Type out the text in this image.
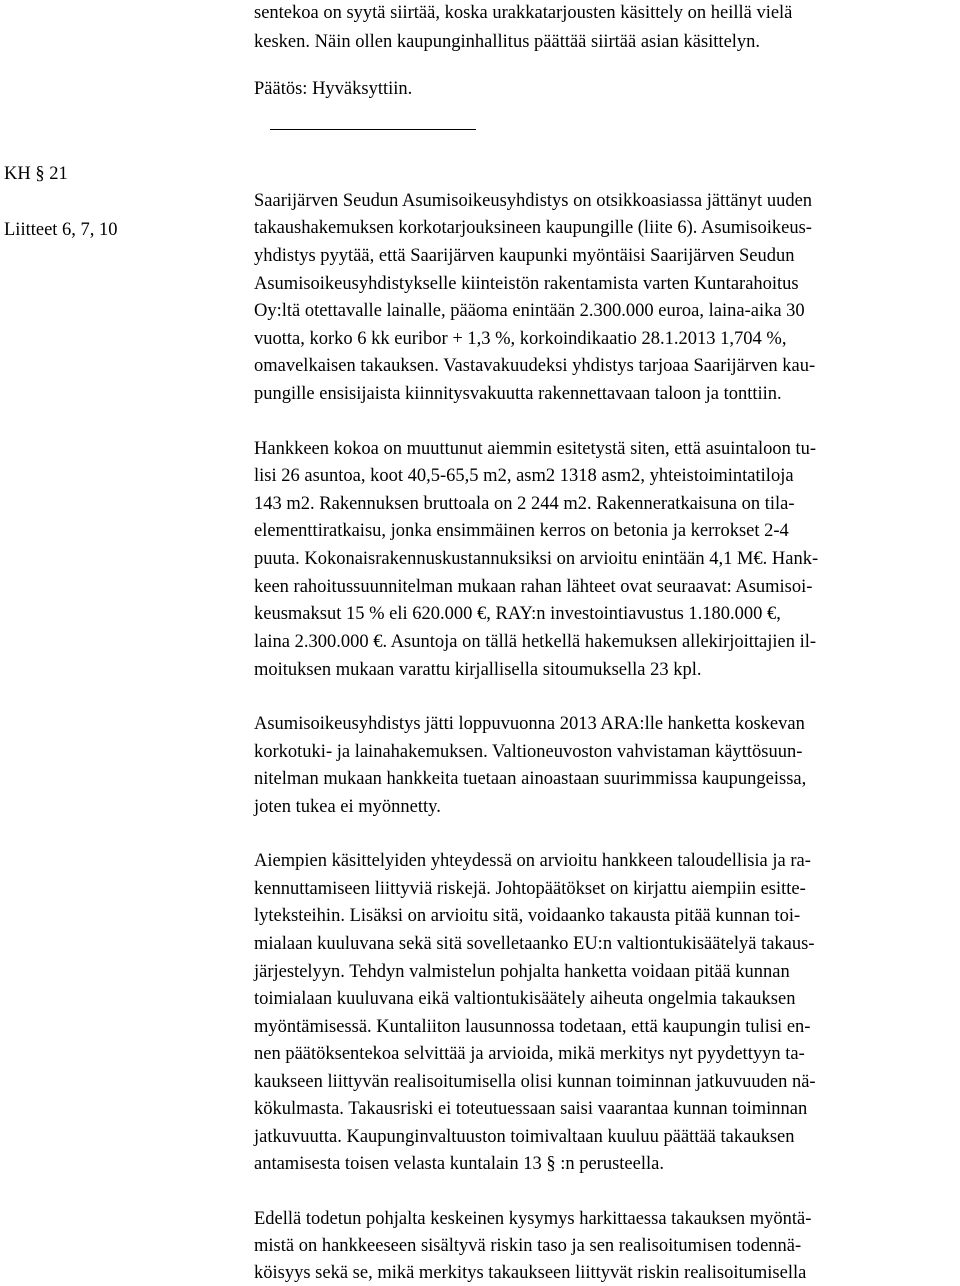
sentekoa on syytä siirtää, koska urakkatarjousten käsittely on heillä vielä
kesken. Näin ollen kaupunginhallitus päättää siirtää asian käsittelyn.
Päätös: Hyväksyttiin.
KH § 21
Liitteet 6, 7, 10
Saarijärven Seudun Asumisoikeusyhdistys on otsikkoasiassa jättänyt uuden
takaushakemuksen korkotarjouksineen kaupungille (liite 6). Asumisoikeus-
yhdistys pyytää, että Saarijärven kaupunki myöntäisi Saarijärven Seudun
Asumisoikeusyhdistykselle kiinteistön rakentamista varten Kuntarahoitus
Oy:ltä otettavalle lainalle, pääoma enintään 2.300.000 euroa, laina-aika 30
vuotta, korko 6 kk euribor + 1,3 %, korkoindikaatio 28.1.2013 1,704 %,
omavelkaisen takauksen. Vastavakuudeksi yhdistys tarjoaa Saarijärven kau-
pungille ensisijaista kiinnitysvakuutta rakennettavaan taloon ja tonttiin.
Hankkeen kokoa on muuttunut aiemmin esitetystä siten, että asuintaloon tu-
lisi 26 asuntoa, koot 40,5-65,5 m2, asm2 1318 asm2, yhteistoimintatiloja
143 m2. Rakennuksen bruttoala on 2 244 m2. Rakenneratkaisuna on tila-
elementtiratkaisu, jonka ensimmäinen kerros on betonia ja kerrokset 2-4
puuta. Kokonaisrakennuskustannuksiksi on arvioitu enintään 4,1 M€. Hank-
keen rahoitussuunnitelman mukaan rahan lähteet ovat seuraavat: Asumisoi-
keusmaksut 15 % eli 620.000 €, RAY:n investointiavustus 1.180.000 €,
laina 2.300.000 €. Asuntoja on tällä hetkellä hakemuksen allekirjoittajien il-
moituksen mukaan varattu kirjallisella sitoumuksella 23 kpl.
Asumisoikeusyhdistys jätti loppuvuonna 2013 ARA:lle hanketta koskevan
korkotuki- ja lainahakemuksen. Valtioneuvoston vahvistaman käyttösuun-
nitelman mukaan hankkeita tuetaan ainoastaan suurimmissa kaupungeissa,
joten tukea ei myönnetty.
Aiempien käsittelyiden yhteydessä on arvioitu hankkeen taloudellisia ja ra-
kennuttamiseen liittyviä riskejä. Johtopäätökset on kirjattu aiempiin esitte-
lyteksteihin. Lisäksi on arvioitu sitä, voidaanko takausta pitää kunnan toi-
mialaan kuuluvana sekä sitä sovelletaanko EU:n valtiontukisäätelyä takaus-
järjestelyyn. Tehdyn valmistelun pohjalta hanketta voidaan pitää kunnan
toimialaan kuuluvana eikä valtiontukisäätely aiheuta ongelmia takauksen
myöntämisessä. Kuntaliiton lausunnossa todetaan, että kaupungin tulisi en-
nen päätöksentekoa selvittää ja arvioida, mikä merkitys nyt pyydettyyn ta-
kaukseen liittyvän realisoitumisella olisi kunnan toiminnan jatkuvuuden nä-
kökulmasta. Takausriski ei toteutuessaan saisi vaarantaa kunnan toiminnan
jatkuvuutta. Kaupunginvaltuuston toimivaltaan kuuluu päättää takauksen
antamisesta toisen velasta kuntalain 13 § :n perusteella.
Edellä todetun pohjalta keskeinen kysymys harkittaessa takauksen myöntä-
mistä on hankkeeseen sisältyvä riskin taso ja sen realisoitumisen todennä-
köisyys sekä se, mikä merkitys takaukseen liittyvät riskin realisoitumisella
